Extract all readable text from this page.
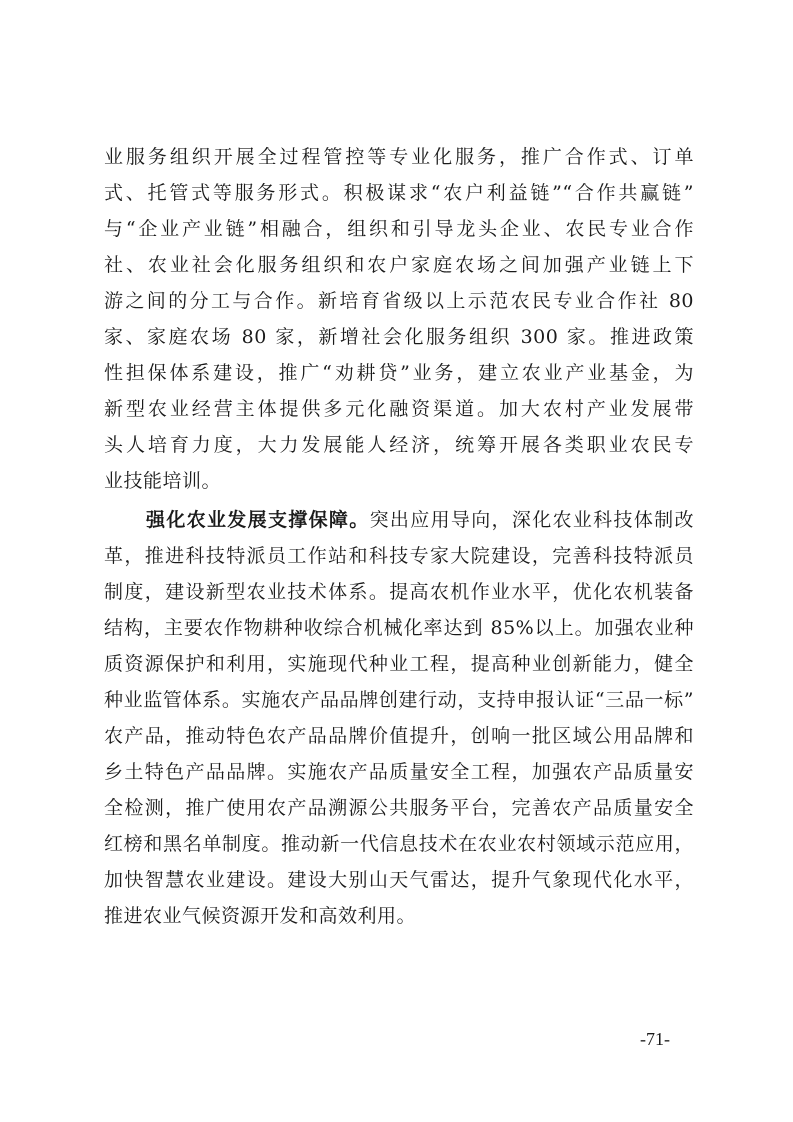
业服务组织开展全过程管控等专业化服务，推广合作式、订单
式、托管式等服务形式。积极谋求“农户利益链”“合作共赢链”
与“企业产业链”相融合，组织和引导龙头企业、农民专业合作
社、农业社会化服务组织和农户家庭农场之间加强产业链上下
游之间的分工与合作。新培育省级以上示范农民专业合作社 80
家、家庭农场 80 家，新增社会化服务组织 300 家。推进政策
性担保体系建设，推广“劝耕贷”业务，建立农业产业基金，为
新型农业经营主体提供多元化融资渠道。加大农村产业发展带
头人培育力度，大力发展能人经济，统筹开展各类职业农民专
业技能培训。
强化农业发展支撑保障。突出应用导向，深化农业科技体制改
革，推进科技特派员工作站和科技专家大院建设，完善科技特派员
制度，建设新型农业技术体系。提高农机作业水平，优化农机装备
结构，主要农作物耕种收综合机械化率达到 85%以上。加强农业种
质资源保护和利用，实施现代种业工程，提高种业创新能力，健全
种业监管体系。实施农产品品牌创建行动，支持申报认证“三品一标”
农产品，推动特色农产品品牌价值提升，创响一批区域公用品牌和
乡土特色产品品牌。实施农产品质量安全工程，加强农产品质量安
全检测，推广使用农产品溯源公共服务平台，完善农产品质量安全
红榜和黑名单制度。推动新一代信息技术在农业农村领域示范应用，
加快智慧农业建设。建设大别山天气雷达，提升气象现代化水平，
推进农业气候资源开发和高效利用。
-71-
